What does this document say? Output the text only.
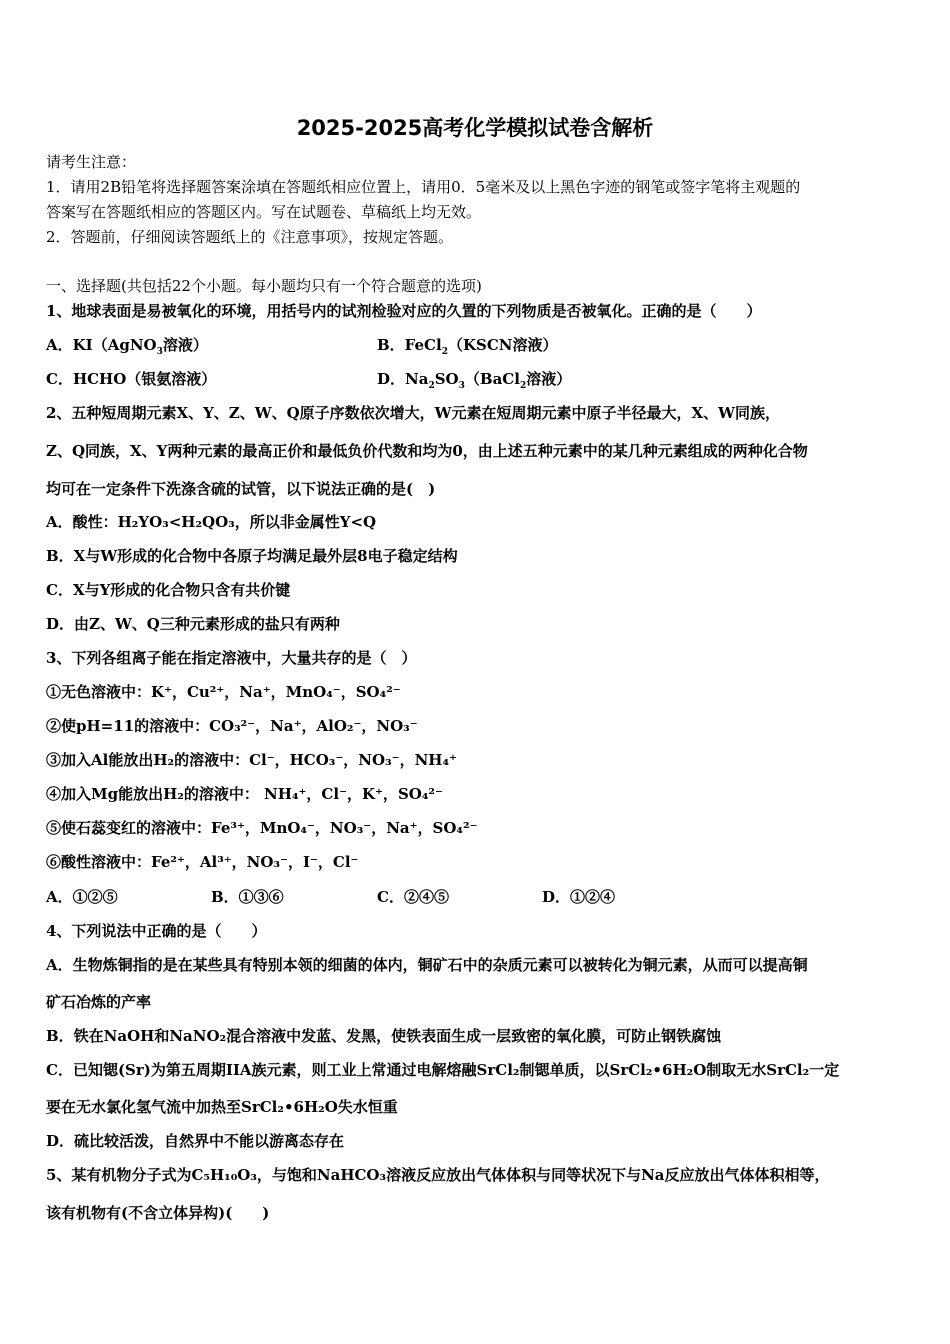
2025-2025高考化学模拟试卷含解析
请考生注意：
1．请用2B铅笔将选择题答案涂填在答题纸相应位置上，请用0．5毫米及以上黑色字迹的钢笔或签字笔将主观题的
答案写在答题纸相应的答题区内。写在试题卷、草稿纸上均无效。
2．答题前，仔细阅读答题纸上的《注意事项》，按规定答题。
一、选择题(共包括22个小题。每小题均只有一个符合题意的选项)
1、地球表面是易被氧化的环境，用括号内的试剂检验对应的久置的下列物质是否被氧化。正确的是（　　）
A．KI（AgNO$_3$溶液）	B．FeCl$_2$（KSCN溶液）
C．HCHO（银氨溶液）	D．$Na_2SO_3(BaCl_2$溶液）
2、五种短周期元素X、Y、Z、W、Q原子序数依次增大，W元素在短周期元素中原子半径最大，X、W同族，
Z、Q同族，X、Y两种元素的最高正价和最低负价代数和均为0，由上述五种元素中的某几种元素组成的两种化合物
均可在一定条件下洗涤含硫的试管，以下说法正确的是(　)
A．酸性：H₂YO₃<H₂QO₃，所以非金属性Y<Q
B．X与W形成的化合物中各原子均满足最外层8电子稳定结构
C．X与Y形成的化合物只含有共价键
D．由Z、W、Q三种元素形成的盐只有两种
3、下列各组离子能在指定溶液中，大量共存的是（　）
①无色溶液中：K⁺，Cu²⁺，Na⁺，MnO₄⁻，SO₄²⁻
②使pH=11的溶液中：CO₃²⁻，Na⁺，AlO₂⁻，NO₃⁻
③加入Al能放出H₂的溶液中：Cl⁻，HCO₃⁻，NO₃⁻，NH₄⁺
④加入Mg能放出H₂的溶液中： NH₄⁺，Cl⁻，K⁺，SO₄²⁻
⑤使石蕊变红的溶液中：Fe³⁺，MnO₄⁻，NO₃⁻，Na⁺，SO₄²⁻
⑥酸性溶液中：Fe²⁺，Al³⁺，NO₃⁻，I⁻，Cl⁻
A．①②⑤	B．①③⑥	C．②④⑤	D．①②④
4、下列说法中正确的是（　　）
A．生物炼铜指的是在某些具有特别本领的细菌的体内，铜矿石中的杂质元素可以被转化为铜元素，从而可以提高铜
矿石冶炼的产率
B．铁在NaOH和NaNO₂混合溶液中发蓝、发黑，使铁表面生成一层致密的氧化膜，可防止钢铁腐蚀
C．已知锶(Sr)为第五周期IIA族元素，则工业上常通过电解熔融SrCl₂制锶单质，以SrCl₂•6H₂O制取无水SrCl₂一定
要在无水氯化氢气流中加热至SrCl₂•6H₂O失水恒重
D．硫比较活泼，自然界中不能以游离态存在
5、某有机物分子式为C₅H₁₀O₃，与饱和NaHCO₃溶液反应放出气体体积与同等状况下与Na反应放出气体体积相等，
该有机物有(不含立体异构)(　　)
